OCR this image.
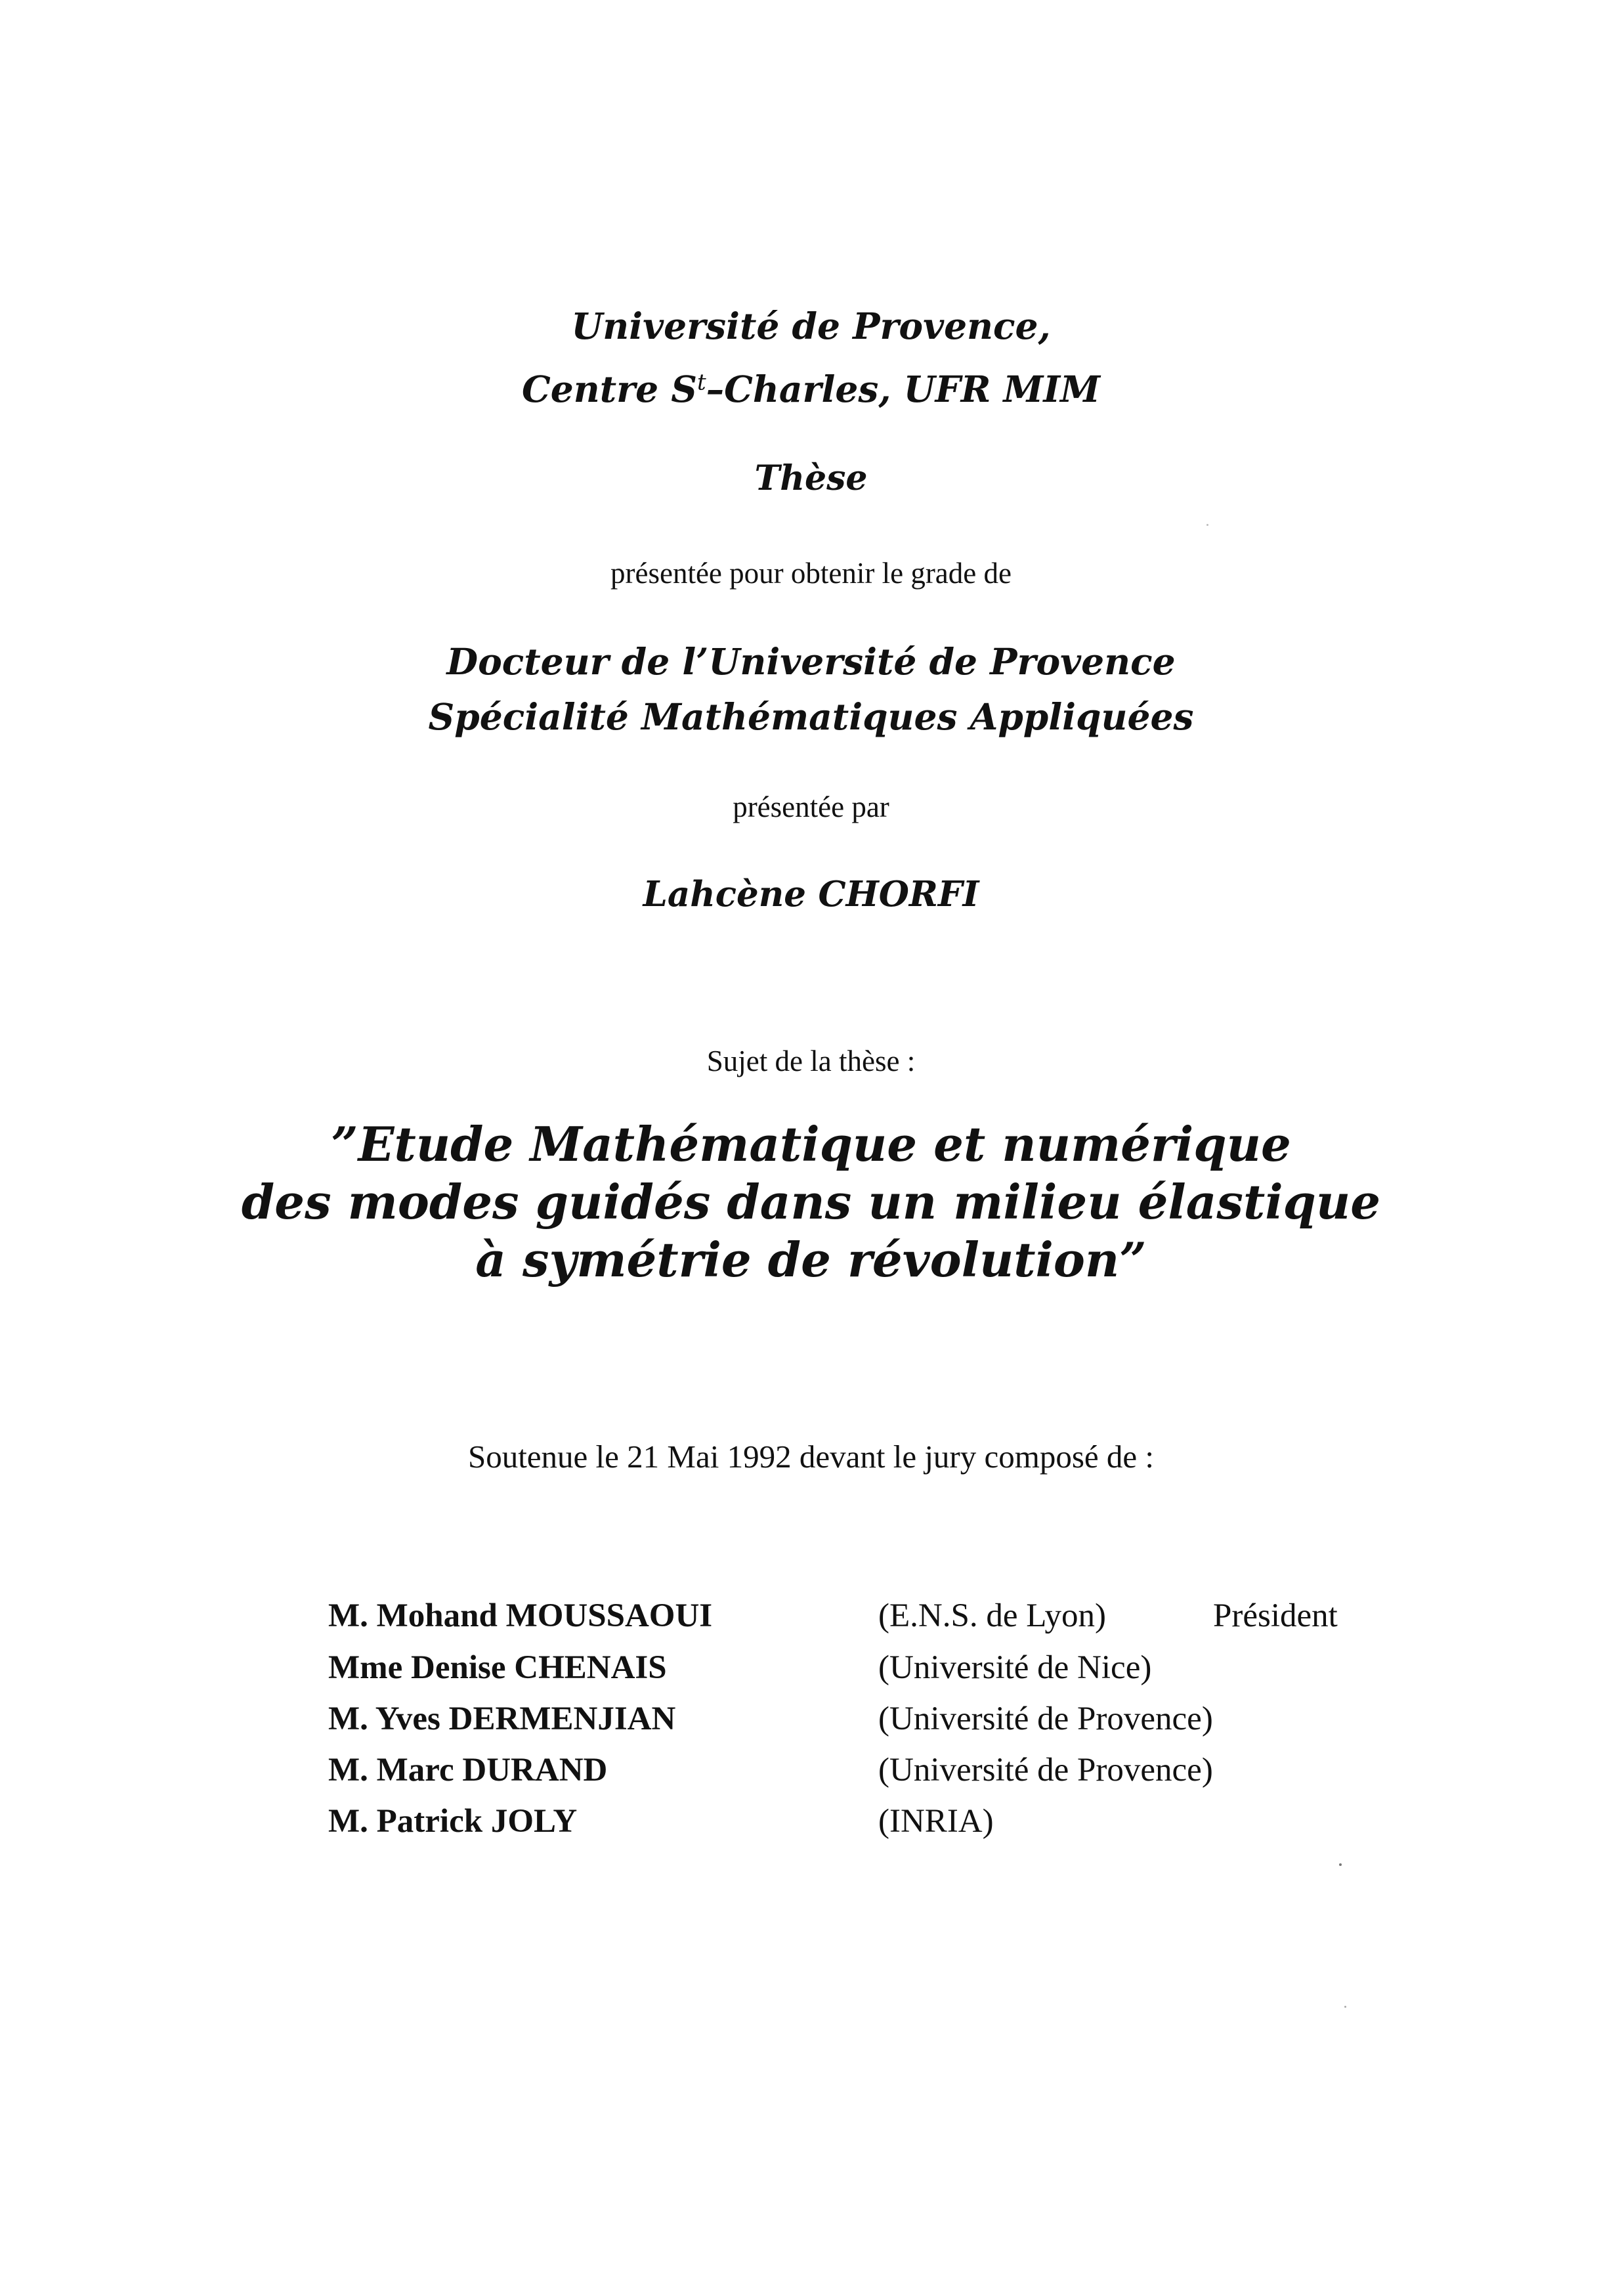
Université de Provence,
Centre $S^t$–Charles, UFR MIM
Thèse
présentée pour obtenir le grade de
Docteur de l’Université de Provence
Spécialité Mathématiques Appliquées
présentée par
Lahcène CHORFI
Sujet de la thèse :
”Etude Mathématique et numérique
des modes guidés dans un milieu élastique
à symétrie de révolution”
Soutenue le 21 Mai 1992 devant le jury composé de :
M. Mohand MOUSSAOUI	(E.N.S. de Lyon)	Président
Mme Denise CHENAIS	(Université de Nice)
M. Yves DERMENJIAN	(Université de Provence)
M. Marc DURAND	(Université de Provence)
M. Patrick JOLY	(INRIA)
